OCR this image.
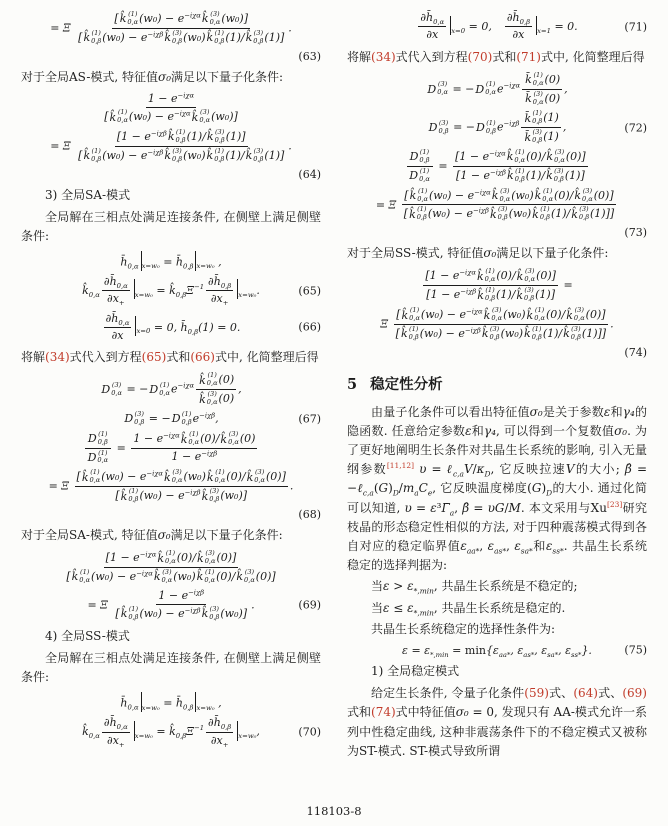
= Ξ [ k̂ (1)
0,α $(w_0) - e^{-i\chi\alpha}$ k̂ (3)
0,α (w₀)]
[ k̂ (1)
0,β $(w_0) - e^{-i\chi\beta}$ k̂ (3)
0,β (w₀) k̂ (1)
0,β (1)/ k̂ (3)
0,β (1)] .
(63)
对于全局AS-模式, 特征值σ₀满足以下量子化条件:
$1 - e^{-i\chi\alpha}$
[ k̂ (1)
0,α $(w_0) - e^{-i\chi\alpha}$ k̂ (3)
0,α (w₀)]
= Ξ [$1 - e^{-i\chi\beta}$ k̂ (1)
0,β (1)/ k̂ (3)
0,β (1)]
[ k̂ (1)
0,β $(w_0) - e^{-i\chi\beta}$ k̂ (3)
0,β (w₀) k̂ (1)
0,β (1)/ k̂ (3)
0,β (1)] .
(64)
3) 全局SA-模式
全局解在三相点处满足连接条件, 在侧壁上满足侧壁条件:
$h̄_{0,\alpha}$ $_{x=w_0} = h̄_{0,\beta}$ $_{x=w_0}$ ,
$k̂_{0,\alpha} \frac{\partial h̄_{0,\alpha}}{\partial x_+} _{x=w_0}$ = $k̂_{0,\beta}\Xi^{-1} \frac{\partial h̄_{0,\beta}}{\partial x_+} _{x=w_0}$.	(65)
$\frac{\partial h̄_{0,\alpha}}{\partial x} _{x=0} = 0$, $h̄_{0,\beta}(1) = 0$.	(66)
将解(34)式代入到方程(65)式和(66)式中, 化简整理后得
D (3)
0,α = − D (1)
0,α $e^{-i\chi\alpha}$ k̂ (1)
0,α (0)
k̂ (3)
0,α (0) ,
D (3)
0,β = − D (1)
0,β $e^{-i\chi\beta}$,	(67)
D (1)
0,β
D (1)
$0,\alpha = 1 - e^{-i\chi\alpha}$ k̂ (1)
0,α (0)/ k̂ (3)
0,α (0)
$1 - e^{-i\chi\beta}$
= Ξ [ k̂ (1)
0,α $(w_0) - e^{-i\chi\alpha}$ k̂ (3)
0,α (w₀) k̂ (1)
0,α (0)/ k̂ (3)
0,α (0)]
[ k̂ (1)
0,β $(w_0) - e^{-i\chi\beta}$ k̂ (3)
0,β (w₀)] .
(68)
对于全局SA-模式, 特征值σ₀满足以下量子化条件:
[$1 - e^{-i\chi\alpha}$ k̂ (1)
0,α (0)/ k̂ (3)
0,α (0)]
[ k̂ (1)
0,α $(w_0) - e^{-i\chi\alpha}$ k̂ (3)
0,α (w₀) k̂ (1)
0,α (0)/ k̂ (3)
0,α (0)]
= Ξ $1 - e^{-i\chi\beta}$
[ k̂ (1)
0,β $(w_0) - e^{-i\chi\beta}$ k̂ (3)
0,β (w₀)] .	(69)
4) 全局SS-模式
全局解在三相点处满足连接条件, 在侧壁上满足侧壁条件:
$h̄_{0,\alpha}$ $_{x=w_0} = h̄_{0,\beta}$ $_{x=w_0}$ ,
$k̂_{0,\alpha} \frac{\partial h̄_{0,\alpha}}{\partial x_+} _{x=w_0}$ = $k̂_{0,\beta}\Xi^{-1} \frac{\partial h̄_{0,\beta}}{\partial x_+} _{x=w_0}$,	(70)
$\frac{\partial h̄_{0,\alpha}}{\partial x} _{x=0} = 0$,  $\frac{\partial h̄_{0,\beta}}{\partial x} _{x=1} = 0$.	(71)
将解(34)式代入到方程(70)式和(71)式中, 化简整理后得
D (3)
0,α = − D (1)
0,α $e^{-i\chi\alpha}$ k̄ (1)
0,α (0)
k̄ (3)
0,α (0) ,
D (3)
0,β = − D (1)
0,β $e^{-i\chi\beta}$ k̄ (1)
0,β (1)
k̄ (3)
0,β (1) ,	(72)
D (1)
0,β
D (1)
$0,\alpha = [1 - e^{-i\chi\alpha}$ k̂ (1)
0,α (0)/ k̂ (3)
0,α (0)]
[$1 - e^{-i\chi\beta}$ k̂ (1)
0,β (1)/ k̂ (3)
0,β (1)]
= Ξ [ k̂ (1)
0,α $(w_0) - e^{-i\chi\alpha}$ k̂ (3)
0,α (w₀) k̂ (1)
0,α (0)/ k̂ (3)
0,α (0)]
[ k̂ (1)
0,β $(w_0) - e^{-i\chi\beta}$ k̂ (3)
0,β (w₀) k̂ (1)
0,β (1)/ k̂ (3)
0,β (1)]]
(73)
对于全局SS-模式, 特征值σ₀满足以下量子化条件:
[$1 - e^{-i\chi\alpha}$ k̂ (1)
0,α (0)/ k̂ (3)
0,α (0)]
[$1 - e^{-i\chi\beta}$ k̂ (1)
0,β (1)/ k̂ (3)
0,β (1)] =
Ξ [ k̂ (1)
0,α $(w_0) - e^{-i\chi\alpha}$ k̂ (3)
0,α (w₀) k̂ (1)
0,α (0)/ k̂ (3)
0,α (0)]
[ k̂ (1)
0,β $(w_0) - e^{-i\chi\beta}$ k̂ (3)
0,β (w₀) k̂ (1)
0,β (1)/ k̂ (3)
0,β (1)]] .
(74)
5 稳定性分析
由量子化条件可以看出特征值σ₀是关于参数ε和γ₄的隐函数. 任意给定参数ε和γ₄, 可以得到一个复数值σ₀. 为了更好地阐明生长条件对共晶生长系统的影响, 引入无量纲参数[11,12] $\upsilon = \ell_{c,a}V/\kappa_D$, 它反映拉速V的大小; β̂ = $-\ell_{c,a}(G)_D/m_aC_e$, 它反映温度梯度$(G)_D$的大小. 通过化简可以知道, $\upsilon = \varepsilon^3\Gammā_a$, β̂ = υG/M. 本文采用与Xu[23]研究枝晶的形态稳定性相似的方法, 对于四种震荡模式得到各自对应的稳定临界值$\varepsilon_{aa*}$, $\varepsilon_{as*}$, $\varepsilon_{sa*}$和$\varepsilon_{ss*}$. 共晶生长系统稳定的选择判据为:
当$\varepsilon > \varepsilon_{*,min}$, 共晶生长系统是不稳定的;
当$\varepsilon \le \varepsilon_{*,min}$, 共晶生长系统是稳定的.
共晶生长系统稳定的选择性条件为:
$\varepsilon = \varepsilon_{*,min} = \min\{\varepsilon_{aa*}$, $\varepsilon_{as*}$, $\varepsilon_{sa*}$, $\varepsilon_{ss*}$}.	(75)
1) 全局稳定模式
给定生长条件, 令量子化条件(59)式、(64)式、(69)式和(74)式中特征值σ₀ = 0, 发现只有 AA-模式允许一系列中性稳定曲线, 这种非震荡条件下的不稳定模式又被称为ST-模式. ST-模式导致所谓
118103-8
